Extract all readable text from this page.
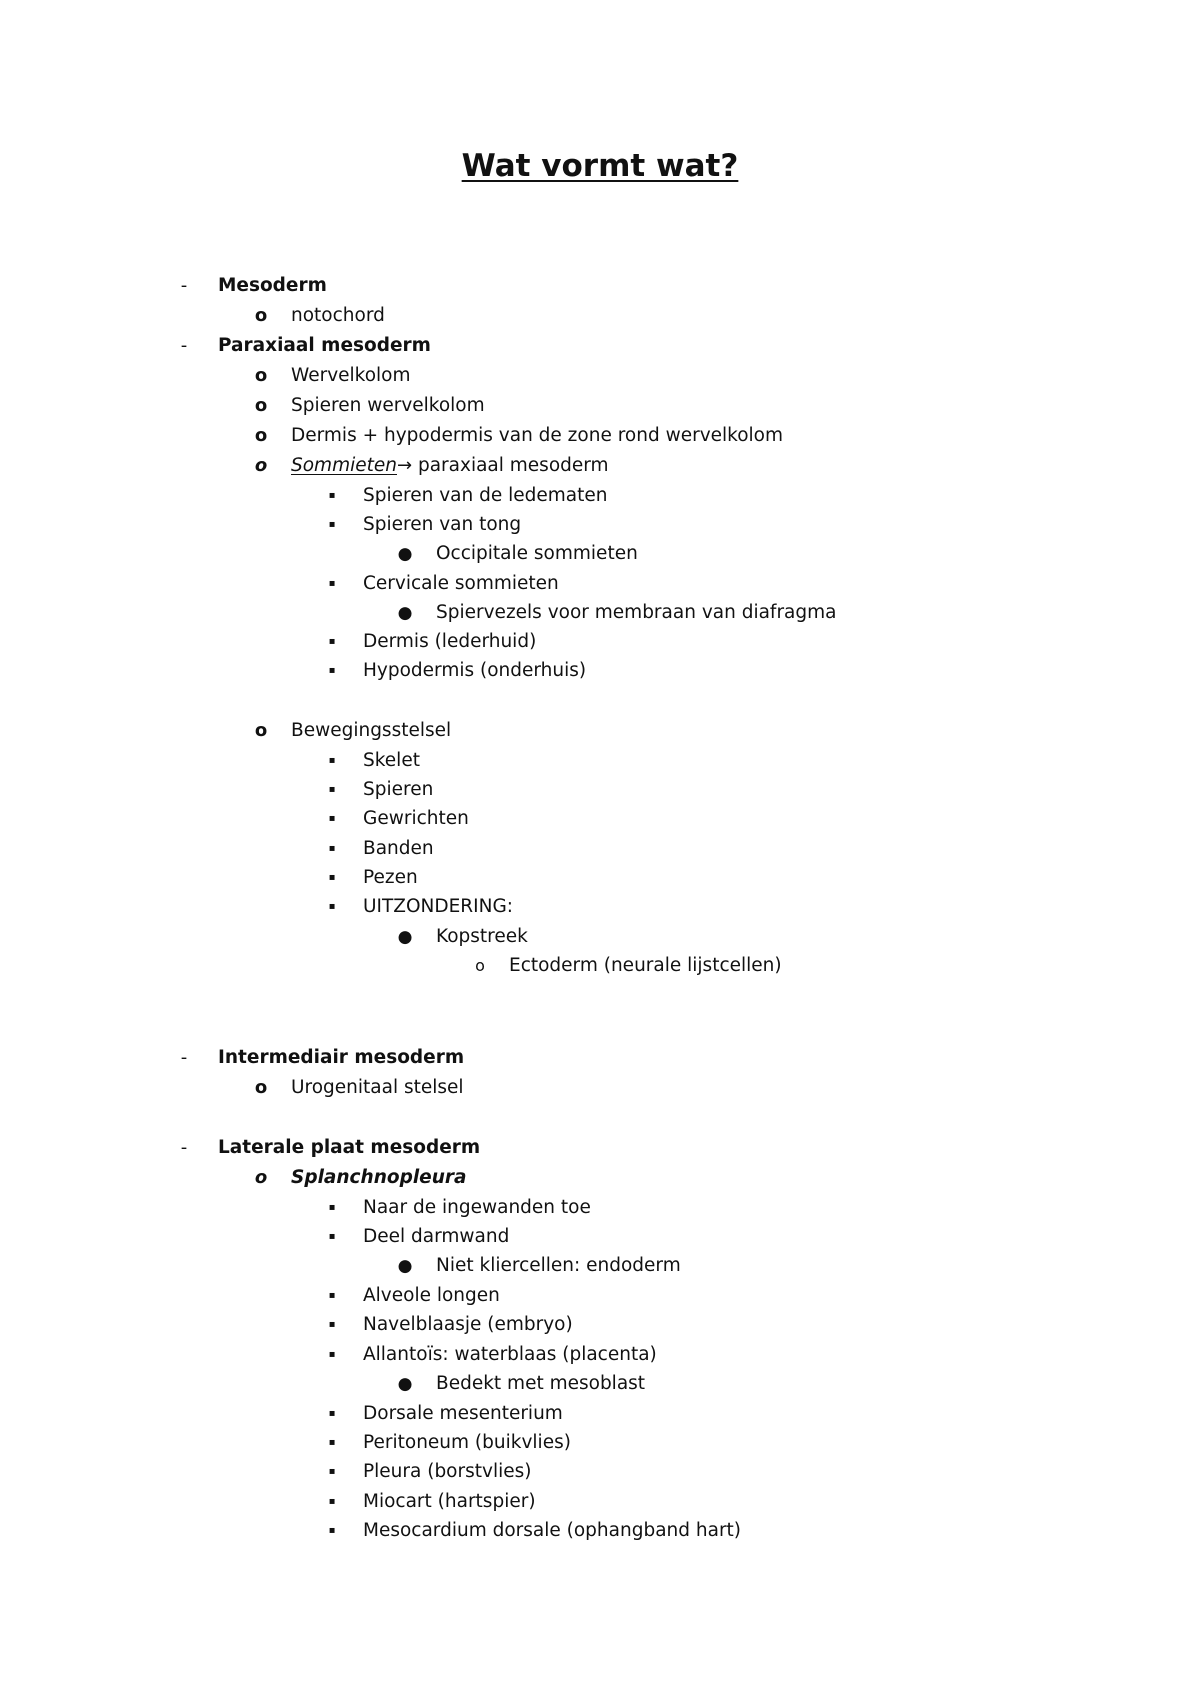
Wat vormt wat?
- Mesoderm
o notochord
- Paraxiaal mesoderm
o Wervelkolom
o Spieren wervelkolom
o Dermis + hypodermis van de zone rond wervelkolom
o Sommieten→ paraxiaal mesoderm
▪ Spieren van de ledematen
▪ Spieren van tong
● Occipitale sommieten
▪ Cervicale sommieten
● Spiervezels voor membraan van diafragma
▪ Dermis (lederhuid)
▪ Hypodermis (onderhuis)
o Bewegingsstelsel
▪ Skelet
▪ Spieren
▪ Gewrichten
▪ Banden
▪ Pezen
▪ UITZONDERING:
● Kopstreek
o Ectoderm (neurale lijstcellen)
- Intermediair mesoderm
o Urogenitaal stelsel
- Laterale plaat mesoderm
o Splanchnopleura
▪ Naar de ingewanden toe
▪ Deel darmwand
● Niet kliercellen: endoderm
▪ Alveole longen
▪ Navelblaasje (embryo)
▪ Allantoïs: waterblaas (placenta)
● Bedekt met mesoblast
▪ Dorsale mesenterium
▪ Peritoneum (buikvlies)
▪ Pleura (borstvlies)
▪ Miocart (hartspier)
▪ Mesocardium dorsale (ophangband hart)
